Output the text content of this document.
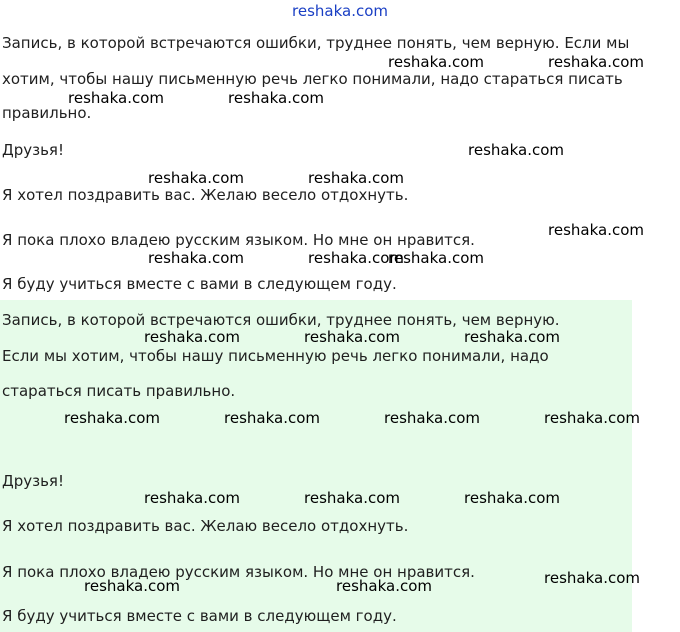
reshaka.com
Запись, в которой встречаются ошибки, труднее понять, чем верную. Если мы
хотим, чтобы нашу письменную речь легко понимали, надо стараться писать
правильно.
Друзья!
Я хотел поздравить вас. Желаю весело отдохнуть.
Я пока плохо владею русским языком. Но мне он нравится.
Я буду учиться вместе с вами в следующем году.
Запись, в которой встречаются ошибки, труднее понять, чем верную.
Если мы хотим, чтобы нашу письменную речь легко понимали, надо
стараться писать правильно.
Друзья!
Я хотел поздравить вас. Желаю весело отдохнуть.
Я пока плохо владею русским языком. Но мне он нравится.
Я буду учиться вместе с вами в следующем году.
reshaka.com	reshaka.com
reshaka.com	reshaka.com
reshaka.com
reshaka.com	reshaka.com
reshaka.com
reshaka.com	reshaka.com
reshaka.com
reshaka.com	reshaka.com	reshaka.com
reshaka.com	reshaka.com	reshaka.com	reshaka.com
reshaka.com	reshaka.com	reshaka.com
reshaka.com
reshaka.com	reshaka.com
